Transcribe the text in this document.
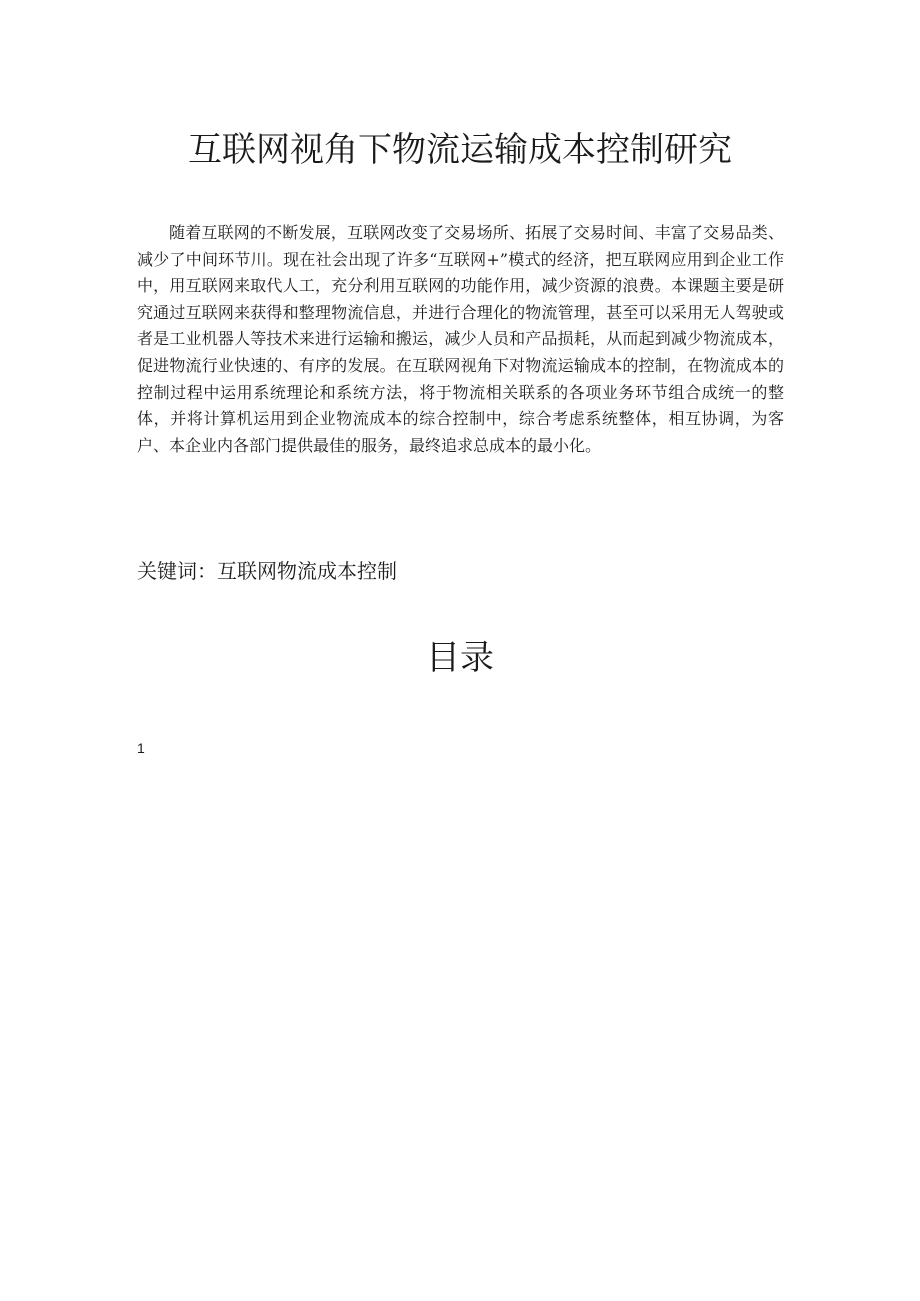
互联网视角下物流运输成本控制研究

随着互联网的不断发展，互联网改变了交易场所、拓展了交易时间、丰富了交易品类、减少了中间环节川。现在社会出现了许多“互联网+”模式的经济，把互联网应用到企业工作中，用互联网来取代人工，充分利用互联网的功能作用，减少资源的浪费。本课题主要是研究通过互联网来获得和整理物流信息，并进行合理化的物流管理，甚至可以采用无人驾驶或者是工业机器人等技术来进行运输和搬运，减少人员和产品损耗，从而起到减少物流成本，促进物流行业快速的、有序的发展。在互联网视角下对物流运输成本的控制，在物流成本的控制过程中运用系统理论和系统方法，将于物流相关联系的各项业务环节组合成统一的整体，并将计算机运用到企业物流成本的综合控制中，综合考虑系统整体，相互协调，为客户、本企业内各部门提供最佳的服务，最终追求总成本的最小化。

关键词：互联网物流成本控制

目录

1
